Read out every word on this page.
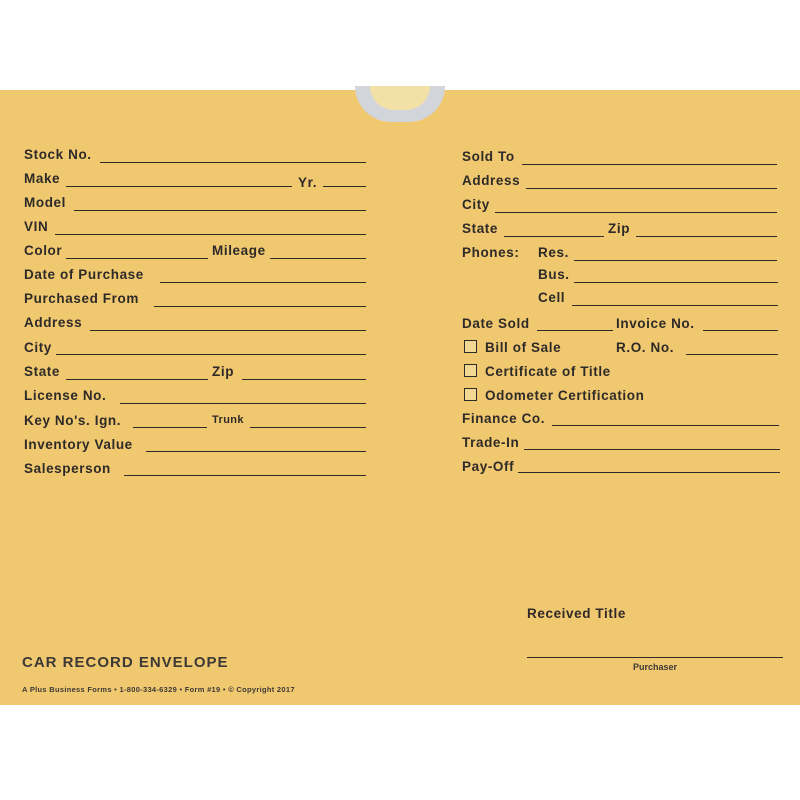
Stock No.
Make	Yr.
Model
VIN
Color	Mileage
Date of Purchase
Purchased From
Address
City
State	Zip
License No.
Key No's. Ign.	Trunk
Inventory Value
Salesperson
Sold To
Address
City
State	Zip
Phones: Res.
Bus.
Cell
Date Sold	Invoice No.
Bill of Sale	R.O. No.
Certificate of Title
Odometer Certification
Finance Co.
Trade-In
Pay-Off
Received Title
Purchaser
CAR RECORD ENVELOPE
A Plus Business Forms • 1-800-334-6329 • Form #19 • © Copyright 2017
